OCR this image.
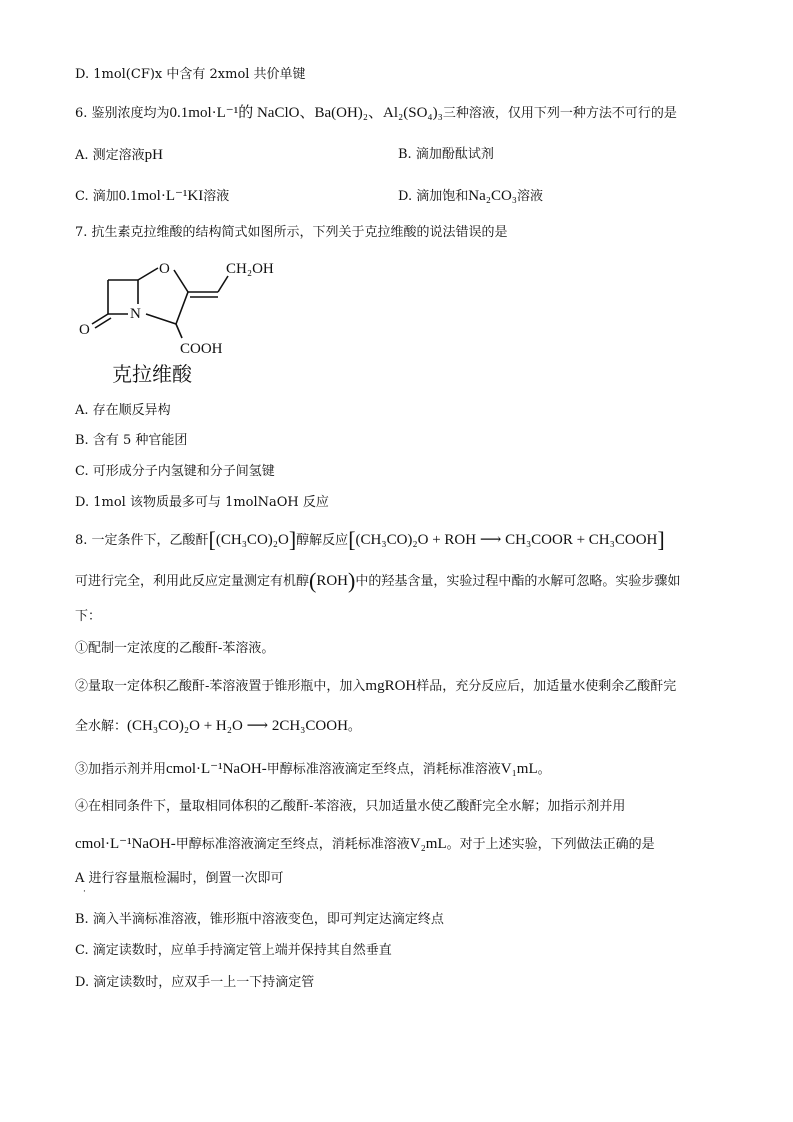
D. 1mol(CF)x 中含有 2xmol 共价单键
6. 鉴别浓度均为0.1mol·L⁻¹的 NaClO、Ba(OH)₂、Al₂(SO₄)₃三种溶液，仅用下列一种方法不可行的是
A. 测定溶液pH	B. 滴加酚酞试剂
C. 滴加0.1mol·L⁻¹KI溶液	D. 滴加饱和Na₂CO₃溶液
7. 抗生素克拉维酸的结构简式如图所示，下列关于克拉维酸的说法错误的是
O
N
O
CH₂OH
COOH
克拉维酸
A. 存在顺反异构
B. 含有 5 种官能团
C. 可形成分子内氢键和分子间氢键
D. 1mol 该物质最多可与 1molNaOH 反应
8. 一定条件下，乙酸酐[(CH₃CO)₂O]醇解反应[(CH₃CO)₂O + ROH ⟶ CH₃COOR + CH₃COOH]
可进行完全，利用此反应定量测定有机醇(ROH)中的羟基含量，实验过程中酯的水解可忽略。实验步骤如
下：
①配制一定浓度的乙酸酐-苯溶液。
②量取一定体积乙酸酐-苯溶液置于锥形瓶中，加入mgROH样品，充分反应后，加适量水使剩余乙酸酐完
全水解：(CH₃CO)₂O + H₂O ⟶ 2CH₃COOH。
③加指示剂并用cmol·L⁻¹NaOH-甲醇标准溶液滴定至终点，消耗标准溶液V₁mL。
④在相同条件下，量取相同体积的乙酸酐-苯溶液，只加适量水使乙酸酐完全水解；加指示剂并用
cmol·L⁻¹NaOH-甲醇标准溶液滴定至终点，消耗标准溶液V₂mL。对于上述实验，下列做法正确的是
A 进行容量瓶检漏时，倒置一次即可
·
B. 滴入半滴标准溶液，锥形瓶中溶液变色，即可判定达滴定终点
C. 滴定读数时，应单手持滴定管上端并保持其自然垂直
D. 滴定读数时，应双手一上一下持滴定管
